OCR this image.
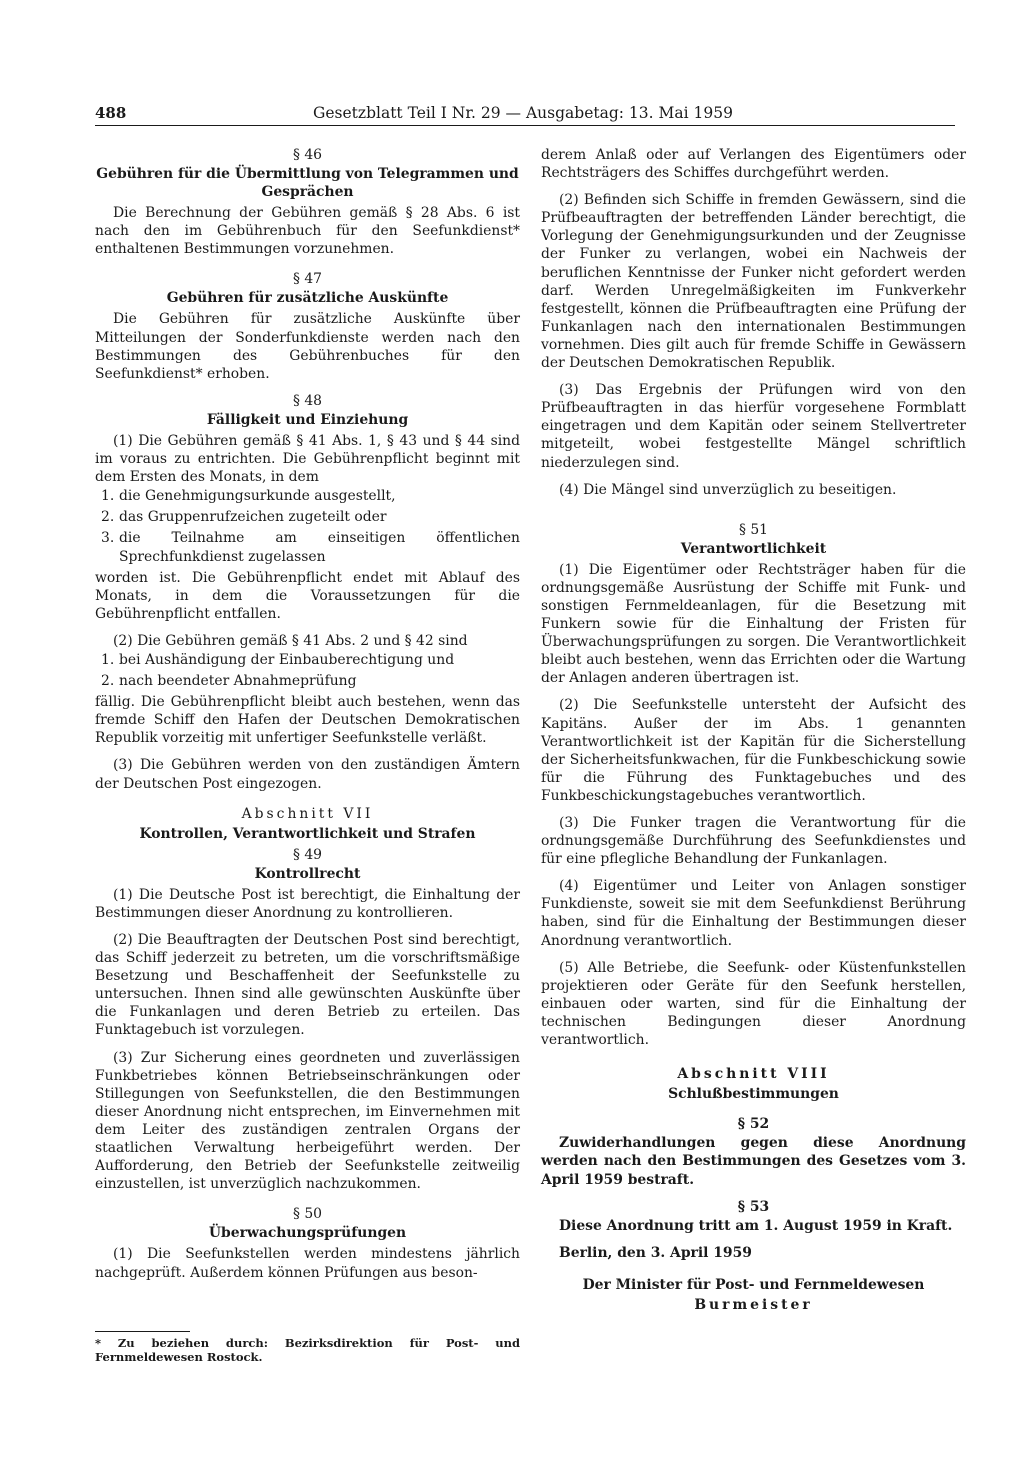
488	Gesetzblatt Teil I Nr. 29 — Ausgabetag: 13. Mai 1959
§ 46
Gebühren für die Übermittlung von Telegrammen und Gesprächen

Die Berechnung der Gebühren gemäß § 28 Abs. 6 ist nach den im Gebührenbuch für den Seefunkdienst* enthaltenen Bestimmungen vorzunehmen.

§ 47
Gebühren für zusätzliche Auskünfte

Die Gebühren für zusätzliche Auskünfte über Mitteilungen der Sonderfunkdienste werden nach den Bestimmungen des Gebührenbuches für den Seefunkdienst* erhoben.

§ 48
Fälligkeit und Einziehung

(1) Die Gebühren gemäß § 41 Abs. 1, § 43 und § 44 sind im voraus zu entrichten. Die Gebührenpflicht beginnt mit dem Ersten des Monats, in dem

1. die Genehmigungsurkunde ausgestellt,
2. das Gruppenrufzeichen zugeteilt oder
3. die Teilnahme am einseitigen öffentlichen Sprechfunkdienst zugelassen

worden ist. Die Gebührenpflicht endet mit Ablauf des Monats, in dem die Voraussetzungen für die Gebührenpflicht entfallen.

(2) Die Gebühren gemäß § 41 Abs. 2 und § 42 sind

1. bei Aushändigung der Einbauberechtigung und
2. nach beendeter Abnahmeprüfung

fällig. Die Gebührenpflicht bleibt auch bestehen, wenn das fremde Schiff den Hafen der Deutschen Demokratischen Republik vorzeitig mit unfertiger Seefunkstelle verläßt.

(3) Die Gebühren werden von den zuständigen Ämtern der Deutschen Post eingezogen.

Abschnitt VII
Kontrollen, Verantwortlichkeit und Strafen
§ 49
Kontrollrecht

(1) Die Deutsche Post ist berechtigt, die Einhaltung der Bestimmungen dieser Anordnung zu kontrollieren.

(2) Die Beauftragten der Deutschen Post sind berechtigt, das Schiff jederzeit zu betreten, um die vorschriftsmäßige Besetzung und Beschaffenheit der Seefunkstelle zu untersuchen. Ihnen sind alle gewünschten Auskünfte über die Funkanlagen und deren Betrieb zu erteilen. Das Funktagebuch ist vorzulegen.

(3) Zur Sicherung eines geordneten und zuverlässigen Funkbetriebes können Betriebseinschränkungen oder Stillegungen von Seefunkstellen, die den Bestimmungen dieser Anordnung nicht entsprechen, im Einvernehmen mit dem Leiter des zuständigen zentralen Organs der staatlichen Verwaltung herbeigeführt werden. Der Aufforderung, den Betrieb der Seefunkstelle zeitweilig einzustellen, ist unverzüglich nachzukommen.

§ 50
Überwachungsprüfungen

(1) Die Seefunkstellen werden mindestens jährlich nachgeprüft. Außerdem können Prüfungen aus beson-

* Zu beziehen durch: Bezirksdirektion für Post- und Fernmeldewesen Rostock.

derem Anlaß oder auf Verlangen des Eigentümers oder Rechtsträgers des Schiffes durchgeführt werden.

(2) Befinden sich Schiffe in fremden Gewässern, sind die Prüfbeauftragten der betreffenden Länder berechtigt, die Vorlegung der Genehmigungsurkunden und der Zeugnisse der Funker zu verlangen, wobei ein Nachweis der beruflichen Kenntnisse der Funker nicht gefordert werden darf. Werden Unregelmäßigkeiten im Funkverkehr festgestellt, können die Prüfbeauftragten eine Prüfung der Funkanlagen nach den internationalen Bestimmungen vornehmen. Dies gilt auch für fremde Schiffe in Gewässern der Deutschen Demokratischen Republik.

(3) Das Ergebnis der Prüfungen wird von den Prüfbeauftragten in das hierfür vorgesehene Formblatt eingetragen und dem Kapitän oder seinem Stellvertreter mitgeteilt, wobei festgestellte Mängel schriftlich niederzulegen sind.

(4) Die Mängel sind unverzüglich zu beseitigen.

§ 51
Verantwortlichkeit

(1) Die Eigentümer oder Rechtsträger haben für die ordnungsgemäße Ausrüstung der Schiffe mit Funk- und sonstigen Fernmeldeanlagen, für die Besetzung mit Funkern sowie für die Einhaltung der Fristen für Überwachungsprüfungen zu sorgen. Die Verantwortlichkeit bleibt auch bestehen, wenn das Errichten oder die Wartung der Anlagen anderen übertragen ist.

(2) Die Seefunkstelle untersteht der Aufsicht des Kapitäns. Außer der im Abs. 1 genannten Verantwortlichkeit ist der Kapitän für die Sicherstellung der Sicherheitsfunkwachen, für die Funkbeschickung sowie für die Führung des Funktagebuches und des Funkbeschickungstagebuches verantwortlich.

(3) Die Funker tragen die Verantwortung für die ordnungsgemäße Durchführung des Seefunkdienstes und für eine pflegliche Behandlung der Funkanlagen.

(4) Eigentümer und Leiter von Anlagen sonstiger Funkdienste, soweit sie mit dem Seefunkdienst Berührung haben, sind für die Einhaltung der Bestimmungen dieser Anordnung verantwortlich.

(5) Alle Betriebe, die Seefunk- oder Küstenfunkstellen projektieren oder Geräte für den Seefunk herstellen, einbauen oder warten, sind für die Einhaltung der technischen Bedingungen dieser Anordnung verantwortlich.

Abschnitt VIII
Schlußbestimmungen
§ 52

Zuwiderhandlungen gegen diese Anordnung werden nach den Bestimmungen des Gesetzes vom 3. April 1959 bestraft.

§ 53

Diese Anordnung tritt am 1. August 1959 in Kraft.

Berlin, den 3. April 1959

Der Minister für Post- und Fernmeldewesen
Burmeister
